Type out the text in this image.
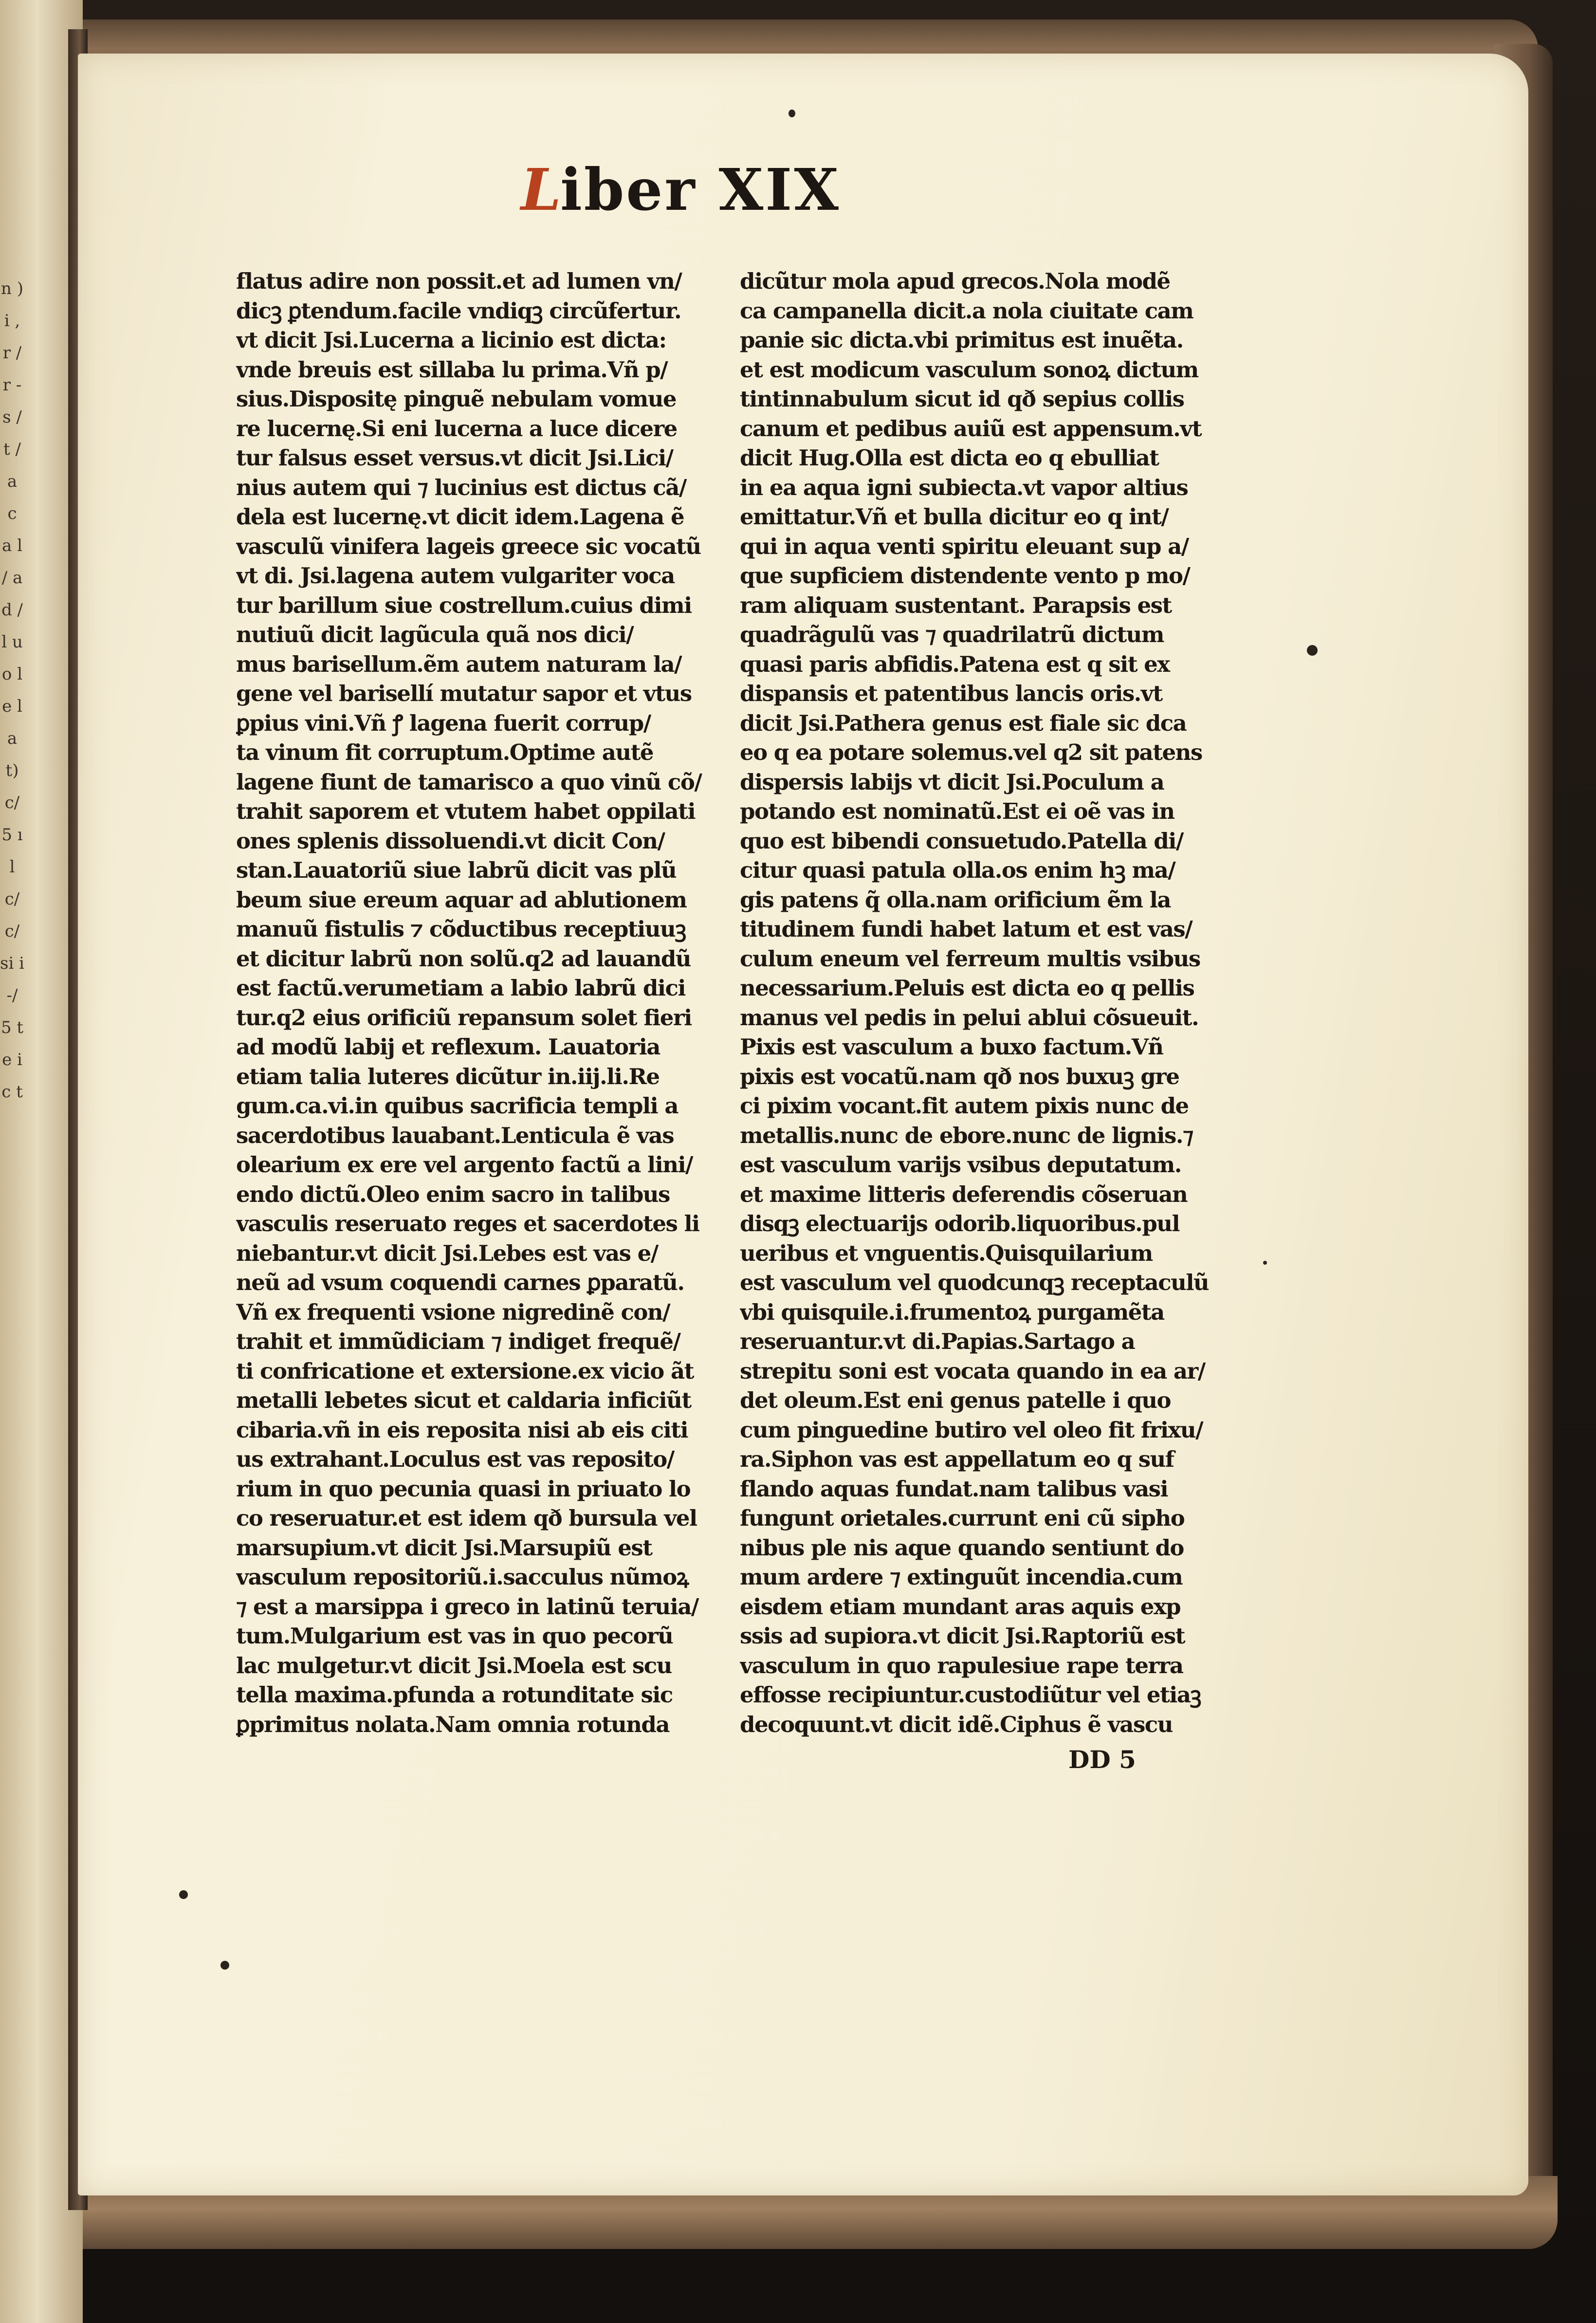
n ) i , r / r - s / t / a c a l / a d / l u o l e l a t) c/ 5 ı l c/ c/ si i -/ 5 t e i c t
Liber XIX
flatus adire non possit.et ad lumen vn/
dicꝫ ꝑtendum.facile vndiqꝫ circũfertur.
vt dicit Jsi.Lucerna a licinio est dicta:
vnde breuis est sillaba lu prima.Vñ p/
sius.Dispositę pinguẽ nebulam vomue
re lucernę.Si eni lucerna a luce dicere
tur falsus esset versus.vt dicit Jsi.Lici/
nius autem qui ⁊ lucinius est dictus cã/
dela est lucernę.vt dicit idem.Lagena ẽ
vasculũ vinifera lageis greece sic vocatũ
vt di. Jsi.lagena autem vulgariter voca
tur barillum siue costrellum.cuius dimi
nutiuũ dicit lagũcula quã nos dici/
mus barisellum.ẽm autem naturam la/
gene vel barisellí mutatur sapor et vtus
ꝑpius vini.Vñ ꝭ lagena fuerit corrup/
ta vinum fit corruptum.Optime autẽ
lagene fiunt de tamarisco a quo vinũ cõ/
trahit saporem et vtutem habet oppilati
ones splenis dissoluendi.vt dicit Con/
stan.Lauatoriũ siue labrũ dicit vas plũ
beum siue ereum aquar ad ablutionem
manuũ fistulis ⁊ cõductibus receptiuuꝫ
et dicitur labrũ non solũ.q2 ad lauandũ
est factũ.verumetiam a labio labrũ dici
tur.q2 eius orificiũ repansum solet fieri
ad modũ labij et reflexum. Lauatoria
etiam talia luteres dicũtur in.iij.li.Re
gum.ca.vi.in quibus sacrificia templi a
sacerdotibus lauabant.Lenticula ẽ vas
olearium ex ere vel argento factũ a lini/
endo dictũ.Oleo enim sacro in talibus
vasculis reseruato reges et sacerdotes li
niebantur.vt dicit Jsi.Lebes est vas e/
neũ ad vsum coquendi carnes ꝑparatũ.
Vñ ex frequenti vsione nigredinẽ con/
trahit et immũdiciam ⁊ indiget frequẽ/
ti confricatione et extersione.ex vicio ãt
metalli lebetes sicut et caldaria inficiũt
cibaria.vñ in eis reposita nisi ab eis citi
us extrahant.Loculus est vas reposito/
rium in quo pecunia quasi in priuato lo
co reseruatur.et est idem qð bursula vel
marsupium.vt dicit Jsi.Marsupiũ est
vasculum repositoriũ.i.sacculus nũmoꝝ
⁊ est a marsippa i greco in latinũ teruia/
tum.Mulgarium est vas in quo pecorũ
lac mulgetur.vt dicit Jsi.Moela est scu
tella maxima.pfunda a rotunditate sic
ꝑprimitus nolata.Nam omnia rotunda
dicũtur mola apud grecos.Nola modẽ
ca campanella dicit.a nola ciuitate cam
panie sic dicta.vbi primitus est inuẽta.
et est modicum vasculum sonoꝝ dictum
tintinnabulum sicut id qð sepius collis
canum et pedibus auiũ est appensum.vt
dicit Hug.Olla est dicta eo q ebulliat
in ea aqua igni subiecta.vt vapor altius
emittatur.Vñ et bulla dicitur eo q int/
qui in aqua venti spiritu eleuant sup a/
que supficiem distendente vento p mo/
ram aliquam sustentant. Parapsis est
quadrãgulũ vas ⁊ quadrilatrũ dictum
quasi paris abfidis.Patena est q sit ex
dispansis et patentibus lancis oris.vt
dicit Jsi.Pathera genus est fiale sic dca
eo q ea potare solemus.vel q2 sit patens
dispersis labijs vt dicit Jsi.Poculum a
potando est nominatũ.Est ei oẽ vas in
quo est bibendi consuetudo.Patella di/
citur quasi patula olla.os enim hꝫ ma/
gis patens q̃ olla.nam orificium ẽm la
titudinem fundi habet latum et est vas/
culum eneum vel ferreum multis vsibus
necessarium.Peluis est dicta eo q pellis
manus vel pedis in pelui ablui cõsueuit.
Pixis est vasculum a buxo factum.Vñ
pixis est vocatũ.nam qð nos buxuꝫ gre
ci pixim vocant.fit autem pixis nunc de
metallis.nunc de ebore.nunc de lignis.⁊
est vasculum varijs vsibus deputatum.
et maxime litteris deferendis cõseruan
disqꝫ electuarijs odorib.liquoribus.pul
ueribus et vnguentis.Quisquilarium
est vasculum vel quodcunqꝫ receptaculũ
vbi quisquile.i.frumentoꝝ purgamẽta
reseruantur.vt di.Papias.Sartago a
strepitu soni est vocata quando in ea ar/
det oleum.Est eni genus patelle i quo
cum pinguedine butiro vel oleo fit frixu/
ra.Siphon vas est appellatum eo q suf
flando aquas fundat.nam talibus vasi
fungunt orietales.currunt eni cũ sipho
nibus ple nis aque quando sentiunt do
mum ardere ⁊ extinguũt incendia.cum
eisdem etiam mundant aras aquis exp
ssis ad supiora.vt dicit Jsi.Raptoriũ est
vasculum in quo rapulesiue rape terra
effosse recipiuntur.custodiũtur vel etiaꝫ
decoquunt.vt dicit idẽ.Ciphus ẽ vascu
DD 5
